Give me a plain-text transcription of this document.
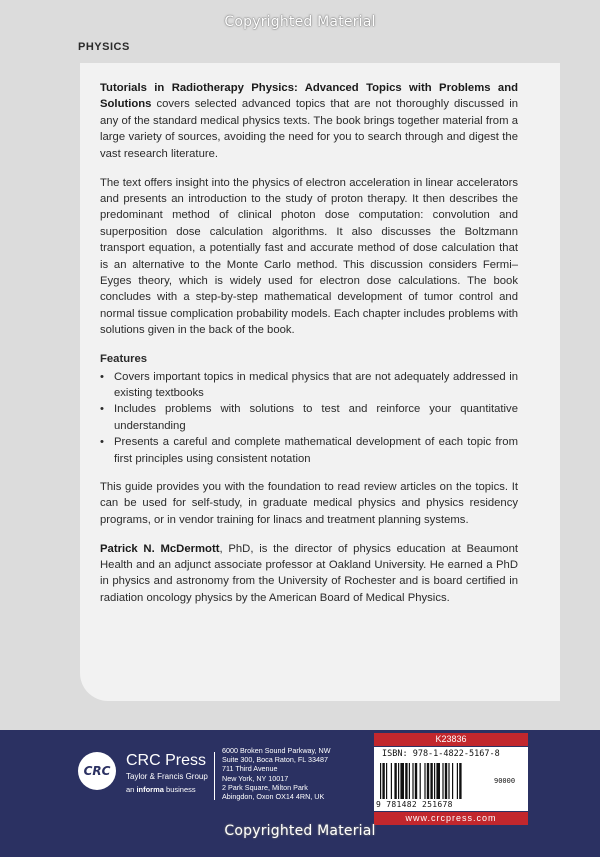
Copyrighted Material
PHYSICS

Tutorials in Radiotherapy Physics: Advanced Topics with Problems and Solutions covers selected advanced topics that are not thoroughly discussed in any of the standard medical physics texts. The book brings together material from a large variety of sources, avoiding the need for you to search through and digest the vast research literature.

The text offers insight into the physics of electron acceleration in linear accelerators and presents an introduction to the study of proton therapy. It then describes the predominant method of clinical photon dose computation: convolution and superposition dose calculation algorithms. It also discusses the Boltzmann transport equation, a potentially fast and accurate method of dose calculation that is an alternative to the Monte Carlo method. This discussion considers Fermi–Eyges theory, which is widely used for electron dose calculations. The book concludes with a step-by-step mathematical development of tumor control and normal tissue complication probability models. Each chapter includes problems with solutions given in the back of the book.

Features
• Covers important topics in medical physics that are not adequately addressed in existing textbooks
• Includes problems with solutions to test and reinforce your quantitative understanding
• Presents a careful and complete mathematical development of each topic from first principles using consistent notation

This guide provides you with the foundation to read review articles on the topics. It can be used for self-study, in graduate medical physics and physics residency programs, or in vendor training for linacs and treatment planning systems.

Patrick N. McDermott, PhD, is the director of physics education at Beaumont Health and an adjunct associate professor at Oakland University. He earned a PhD in physics and astronomy from the University of Rochester and is board certified in radiation oncology physics by the American Board of Medical Physics.

CRC
CRC Press
Taylor & Francis Group
an informa business
6000 Broken Sound Parkway, NW
Suite 300, Boca Raton, FL 33487
711 Third Avenue
New York, NY 10017
2 Park Square, Milton Park
Abingdon, Oxon OX14 4RN, UK
K23836
ISBN: 978-1-4822-5167-8
90000
9 781482 251678
www.crcpress.com
Copyrighted Material
